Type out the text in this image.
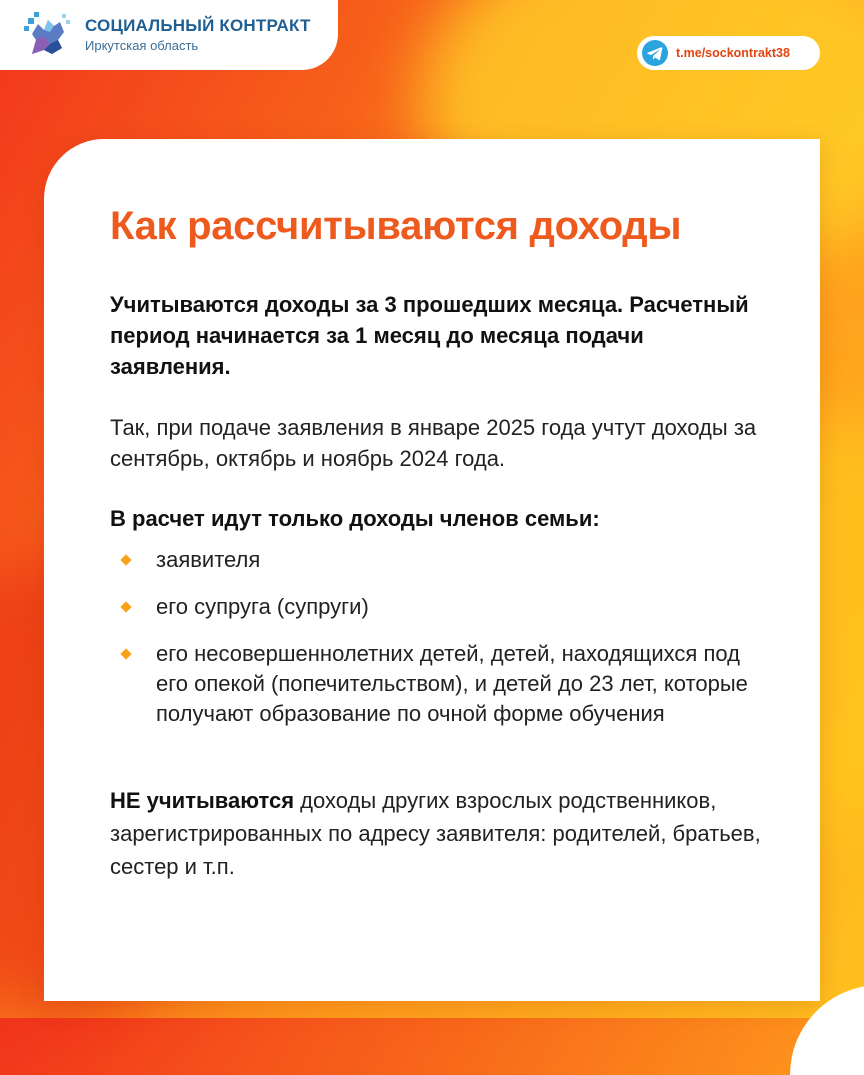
СОЦИАЛЬНЫЙ КОНТРАКТ
Иркутская область	t.me/sockontrakt38
Как рассчитываются доходы

Учитываются доходы за 3 прошедших месяца. Расчетный период начинается за 1 месяц до месяца подачи заявления.

Так, при подаче заявления в январе 2025 года учтут доходы за сентябрь, октябрь и ноябрь 2024 года.

В расчет идут только доходы членов семьи:

заявителя
его супруга (супруги)
его несовершеннолетних детей, детей, находящихся под его опекой (попечительством), и детей до 23 лет, которые получают образование по очной форме обучения

НЕ учитываются доходы других взрослых родственников, зарегистрированных по адресу заявителя: родителей, братьев, сестер и т.п.
